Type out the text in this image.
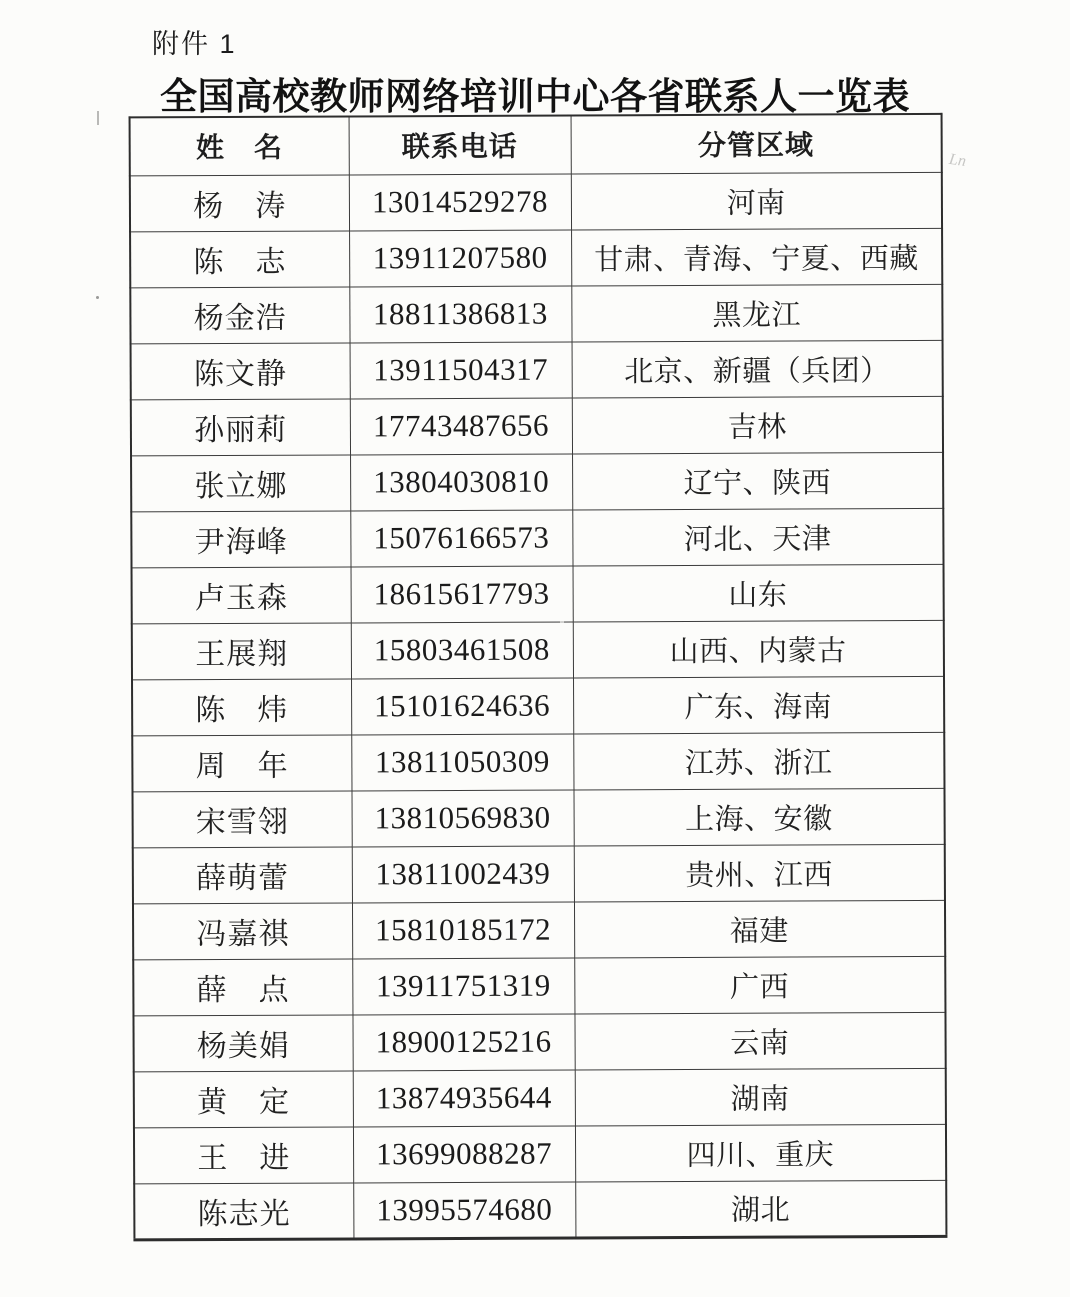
附件 1
全国高校教师网络培训中心各省联系人一览表
姓　名	联系电话	分管区域
杨　涛	13014529278	河南
陈　志	13911207580	甘肃、青海、宁夏、西藏
杨金浩	18811386813	黑龙江
陈文静	13911504317	北京、新疆（兵团）
孙丽莉	17743487656	吉林
张立娜	13804030810	辽宁、陕西
尹海峰	15076166573	河北、天津
卢玉森	18615617793	山东
王展翔	15803461508	山西、内蒙古
陈　炜	15101624636	广东、海南
周　年	13811050309	江苏、浙江
宋雪翎	13810569830	上海、安徽
薛萌蕾	13811002439	贵州、江西
冯嘉祺	15810185172	福建
薛　点	13911751319	广西
杨美娟	18900125216	云南
黄　定	13874935644	湖南
王　进	13699088287	四川、重庆
陈志光	13995574680	湖北
Ln
